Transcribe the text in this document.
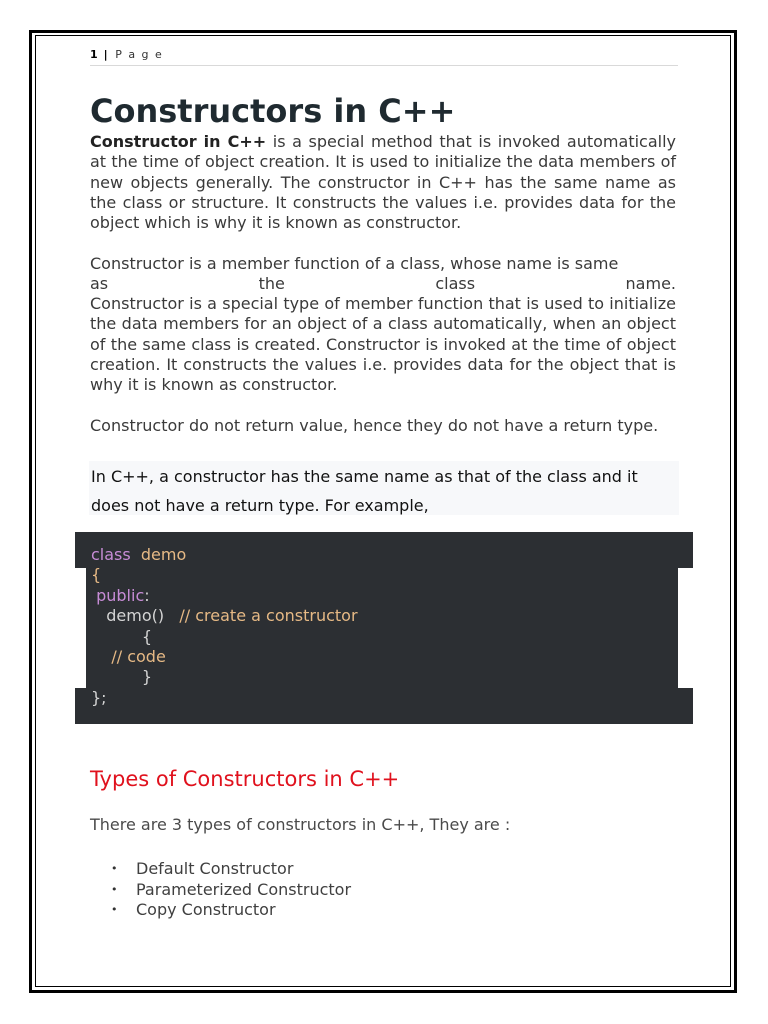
1 | P a g e
Constructors in C++
Constructor in C++ is a special method that is invoked automatically at the time of object creation. It is used to initialize the data members of new objects generally. The constructor in C++ has the same name as the class or structure. It constructs the values i.e. provides data for the object which is why it is known as constructor.
Constructor is a member function of a class, whose name is same
as	the	class	name.
Constructor is a special type of member function that is used to initialize the data members for an object of a class automatically, when an object of the same class is created. Constructor is invoked at the time of object creation. It constructs the values i.e. provides data for the object that is why it is known as constructor.
Constructor do not return value, hence they do not have a return type.
In C++, a constructor has the same name as that of the class and it does not have a return type. For example,
class demo
{
public:
demo() // create a constructor
{
// code
}
};
Types of Constructors in C++
There are 3 types of constructors in C++, They are :
• Default Constructor
• Parameterized Constructor
• Copy Constructor
